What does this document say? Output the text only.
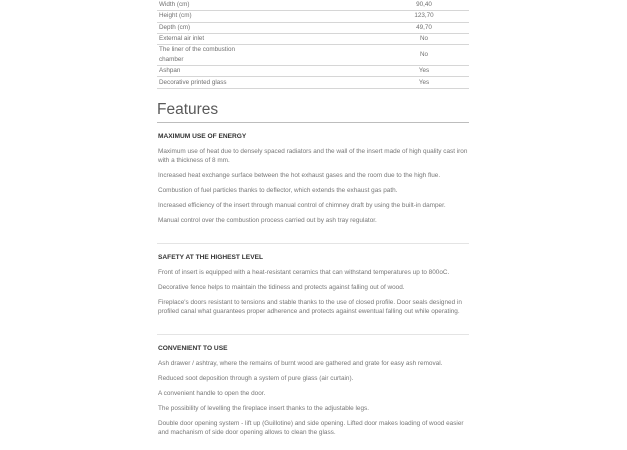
Width (cm)	90,40
Height (cm)	123,70
Depth (cm)	49,70
External air inlet	No
The liner of the combustion chamber	No
Ashpan	Yes
Decorative printed glass	Yes
Features
MAXIMUM USE OF ENERGY

Maximum use of heat due to densely spaced radiators and the wall of the insert made of high quality cast iron with a thickness of 8 mm.

Increased heat exchange surface between the hot exhaust gases and the room due to the high flue.

Combustion of fuel particles thanks to deflector, which extends the exhaust gas path.

Increased efficiency of the insert through manual control of chimney draft by using the built-in damper.

Manual control over the combustion process carried out by ash tray regulator.

SAFETY AT THE HIGHEST LEVEL

Front of insert is equipped with a heat-resistant ceramics that can withstand temperatures up to 800oC.

Decorative fence helps to maintain the tidiness and protects against falling out of wood.

Fireplace's doors resistant to tensions and stable thanks to the use of closed profile. Door seals designed in profiled canal what guarantees proper adherence and protects against ewentual falling out while operating.

CONVENIENT TO USE

Ash drawer / ashtray, where the remains of burnt wood are gathered and grate for easy ash removal.

Reduced soot deposition through a system of pure glass (air curtain).

A convenient handle to open the door.

The possibility of levelling the fireplace insert thanks to the adjustable legs.

Double door opening system - lift up (Guillotine) and side opening. Lifted door makes loading of wood easier and machanism of side door opening allows to clean the glass.
